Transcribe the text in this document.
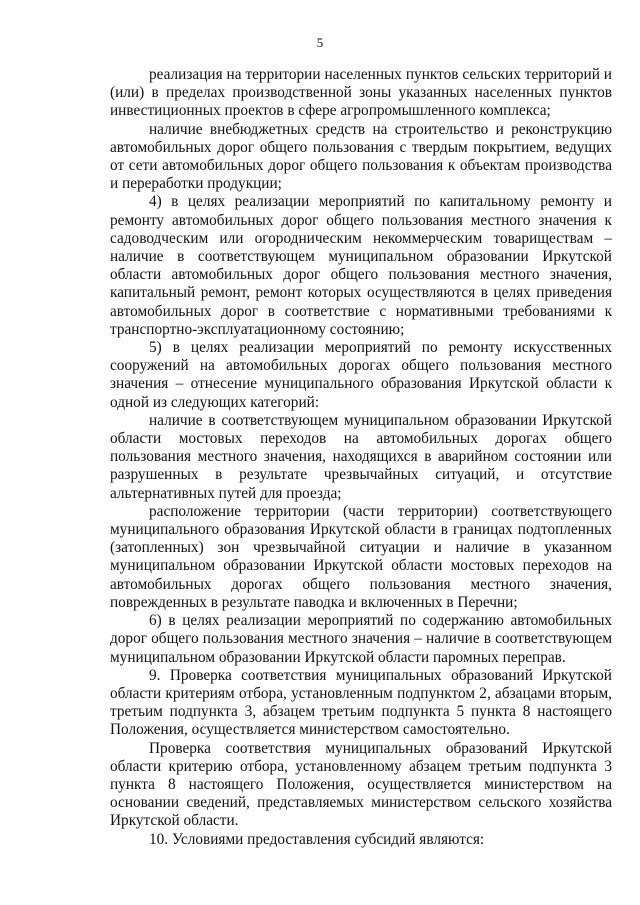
5

реализация на территории населенных пунктов сельских территорий и (или) в пределах производственной зоны указанных населенных пунктов инвестиционных проектов в сфере агропромышленного комплекса;

наличие внебюджетных средств на строительство и реконструкцию автомобильных дорог общего пользования с твердым покрытием, ведущих от сети автомобильных дорог общего пользования к объектам производства и переработки продукции;

4) в целях реализации мероприятий по капитальному ремонту и ремонту автомобильных дорог общего пользования местного значения к садоводческим или огородническим некоммерческим товариществам – наличие в соответствующем муниципальном образовании Иркутской области автомобильных дорог общего пользования местного значения, капитальный ремонт, ремонт которых осуществляются в целях приведения автомобильных дорог в соответствие с нормативными требованиями к транспортно-эксплуатационному состоянию;

5) в целях реализации мероприятий по ремонту искусственных сооружений на автомобильных дорогах общего пользования местного значения – отнесение муниципального образования Иркутской области к одной из следующих категорий:

наличие в соответствующем муниципальном образовании Иркутской области мостовых переходов на автомобильных дорогах общего пользования местного значения, находящихся в аварийном состоянии или разрушенных в результате чрезвычайных ситуаций, и отсутствие альтернативных путей для проезда;

расположение территории (части территории) соответствующего муниципального образования Иркутской области в границах подтопленных (затопленных) зон чрезвычайной ситуации и наличие в указанном муниципальном образовании Иркутской области мостовых переходов на автомобильных дорогах общего пользования местного значения, поврежденных в результате паводка и включенных в Перечни;

6) в целях реализации мероприятий по содержанию автомобильных дорог общего пользования местного значения – наличие в соответствующем муниципальном образовании Иркутской области паромных переправ.

9. Проверка соответствия муниципальных образований Иркутской области критериям отбора, установленным подпунктом 2, абзацами вторым, третьим подпункта 3, абзацем третьим подпункта 5 пункта 8 настоящего Положения, осуществляется министерством самостоятельно.

Проверка соответствия муниципальных образований Иркутской области критерию отбора, установленному абзацем третьим подпункта 3 пункта 8 настоящего Положения, осуществляется министерством на основании сведений, представляемых министерством сельского хозяйства Иркутской области.

10. Условиями предоставления субсидий являются:
